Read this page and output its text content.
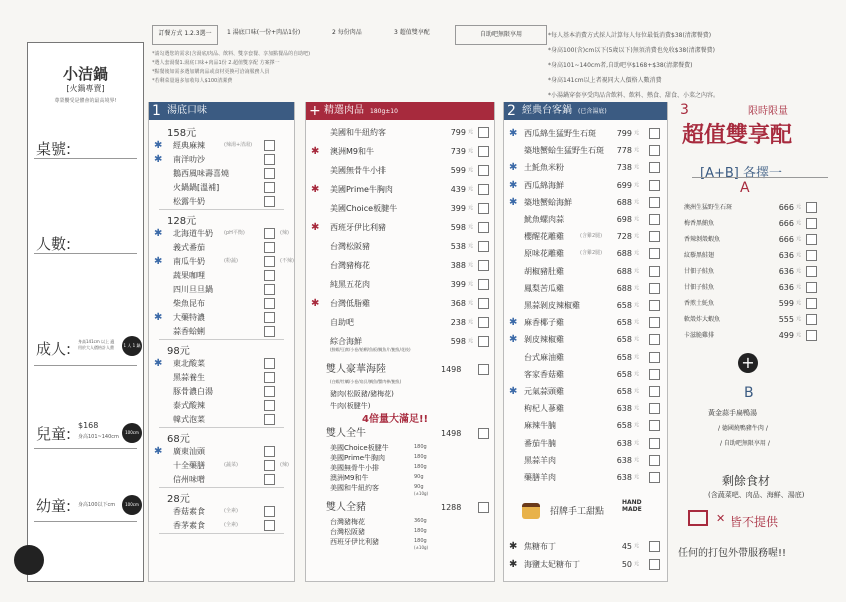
小洁鍋
[火鍋專賣]
尊榮饗受是體會的最高境界!
桌號:
人數:
成人: 身高141cm 以上 適用於大人價格計人費	1 人 1 鍋
兒童: $168
身高101~140cm
100cm
幼童: 身高100以下cm	100cm
訂餐方式 1.2.3選一	1 湯底口味(一份+肉品1份)	2 每份肉品	3 超值雙享配	自助吧無限享用
*請勾選您的需求(含湯底/肉品、飲料、雙享套餐、享加點餐品的自助吧)
*選人套湯餐1.湯底口味+肉品1份 2.超值雙享配 方案擇一
*點餐後如需多選加購肉品或食材更換可洽詢服務人員
*若剩菜量過多加收每人$100清潔費
*每人基本消費方式採人計算每人每位最低消費$38(清潔餐費)
*身高100(含)cm以下(5歲以下)無須消費也免收$38(清潔餐費)
*身高101~140cm者,自助吧享$168+$38(清潔餐費)
*身高141cm以上者視同大人價格人數消費
*小湯鍋穿套享受肉品含飲料、飲料、熱食、甜食、小菜之內容。
1 湯底口味
158元
✱ 經典麻辣	(辣湯+清湯)
✱ 南洋叻沙
鵝西風味壽喜燒
火鍋鍋[溫補]
松露牛奶
128元
✱ 北海道牛奶 (pH平衡)	(辣)
義式番茄
✱ 南瓜牛奶	(粉蔬)	(不辣)
蔬果咖哩
四川旦旦鍋
柴魚昆布
✱ 大藥特濃
蒜香蛤蜊
98元
✱ 東北酸菜
黑蒜養生
豚骨濃白湯
泰式酸辣
韓式泡菜
68元
✱ 廣東汕頭
十全藥膳	(蔬菜)	(辣)
信州味噌
28元
香菇素食	(全素)
香茅素食	(全素)
+ 精選肉品 180g±10
美國和牛紐約客	799 元
✱ 澳洲M9和牛	739 元
美國無骨牛小排	599 元
✱ 美國Prime牛胸肉	439 元
美國Choice板腱牛	399 元
✱ 西班牙伊比利豬	598 元
台灣松阪豬	538 元
台灣豬梅花	388 元
純黑五花肉	399 元
✱ 台灣低脂雞	368 元
自助吧	238 元
綜合海鮮	598 元
(鮮蝦/豆腐/小卷/蛤蜊/魚板/鯛魚片/鮑魚/花枝)
雙人豪華海陸	1498
(白蝦/牡蠣/小卷/扇貝/鯛魚/蟹肉棒/鮑魚)
豬肉(松阪豬/豬梅花)
牛肉(板腱牛)
4倍量大滿足!!
雙人全牛	1498
美國Choice板腱牛	180g
美國Prime牛胸肉	180g
美國無骨牛小排	180g
澳洲M9和牛	90g
美國和牛紐約客	90g
(±10g)
雙人全豬	1288
台灣豬梅花	360g
台灣松阪豬	180g
西班牙伊比利豬	180g
(±10g)
2 經典台客鍋 (已含湯底)
✱ 西瓜綿生猛野生石斑	799 元
築地蟹蛤生猛野生石斑	778 元
✱ 土魠魚米粉	738 元
✱ 西瓜綿海鮮	699 元
✱ 築地蟹蛤海鮮	688 元
魷魚螺肉蒜	698 元
櫻醒花雕雞	(含雞2腿)	728 元
原味花雕雞	(含雞2腿)	688 元
胡椒豬肚雞	688 元
鳳梨苦瓜雞	688 元
黑蒜剝皮辣椒雞	658 元
✱ 麻香椰子雞	658 元
✱ 剝皮辣椒雞	658 元
台式麻油雞	658 元
客家香菇雞	658 元
✱ 元氣蒜頭雞	658 元
枸杞人蔘雞	638 元
麻辣牛腩	658 元
番茄牛腩	638 元
黑蒜羊肉	638 元
藥膳羊肉	638 元
招牌手工甜點
HAND MADE
✱ 焦糖布丁	45 元
✱ 海鹽太妃糖布丁	50 元
3	限時限量
超值雙享配
[A+B] 各擇一
A
澳洲生猛野生石斑	666 元
梅香黑鮪魚	666 元
香辣剝殼蝦魚	666 元
紋藜黑鮭翅	636 元
甘佃子鮭魚	636 元
甘佃子鮭魚	636 元
香煎土魠魚	599 元
軟殼炸大蝦魚	555 元
卡滋脆雞排	499 元
+
B
黃金蒜手扁鴨湯
/ 德國燒鴨豬牛肉 /
/ 自助吧無限享用 /
剩餘食材
(含蔬菜吧、肉品、海鮮、湯底)
✕ 皆不提供
任何的打包外帶服務喔!!
